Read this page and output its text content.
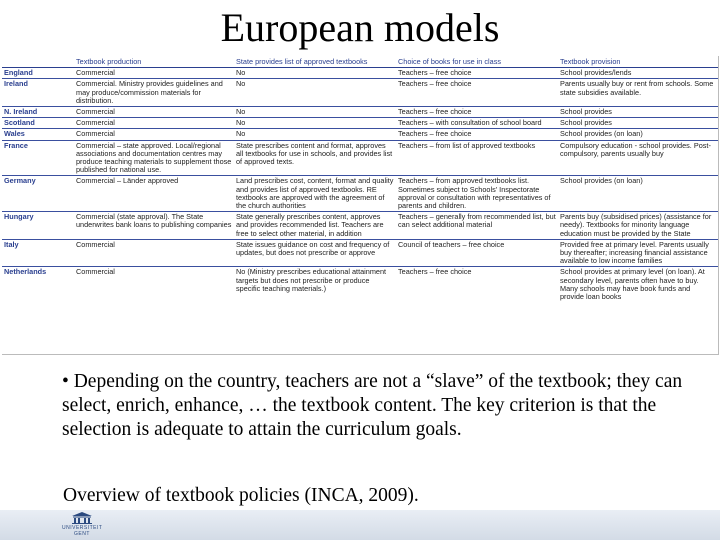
European models
	Textbook production	State provides list of approved textbooks	Choice of books for use in class	Textbook provision
England	Commercial	No	Teachers – free choice	School provides/lends
Ireland	Commercial. Ministry provides guidelines and may produce/commission materials for distribution.	No	Teachers – free choice	Parents usually buy or rent from schools. Some state subsidies available.
N. Ireland	Commercial	No	Teachers – free choice	School provides
Scotland	Commercial	No	Teachers – with consultation of school board	School provides
Wales	Commercial	No	Teachers – free choice	School provides (on loan)
France	Commercial – state approved. Local/regional associations and documentation centres may produce teaching materials to supplement those published for national use.	State prescribes content and format, approves all textbooks for use in schools, and provides list of approved texts.	Teachers – from list of approved textbooks	Compulsory education - school provides. Post-compulsory, parents usually buy
Germany	Commercial – Länder approved	Land prescribes cost, content, format and quality and provides list of approved textbooks. RE textbooks are approved with the agreement of the church authorities	Teachers – from approved textbooks list. Sometimes subject to Schools' Inspectorate approval or consultation with representatives of parents and children.	School provides (on loan)
Hungary	Commercial (state approval). The State underwrites bank loans to publishing companies	State generally prescribes content, approves and provides recommended list. Teachers are free to select other material, in addition	Teachers – generally from recommended list, but can select additional material	Parents buy (subsidised prices) (assistance for needy). Textbooks for minority language education must be provided by the State
Italy	Commercial	State issues guidance on cost and frequency of updates, but does not prescribe or approve	Council of teachers – free choice	Provided free at primary level. Parents usually buy thereafter; increasing financial assistance available to low income families
Netherlands	Commercial	No (Ministry prescribes educational attainment targets but does not prescribe or produce specific teaching materials.)	Teachers – free choice	School provides at primary level (on loan). At secondary level, parents often have to buy. Many schools may have book funds and provide loan books
• Depending on the country, teachers are not a “slave” of the textbook; they can select, enrich, enhance, … the textbook content. The key criterion is that the selection is adequate to attain the curriculum goals.
Overview of textbook policies (INCA, 2009).
UNIVERSITEIT
GENT
